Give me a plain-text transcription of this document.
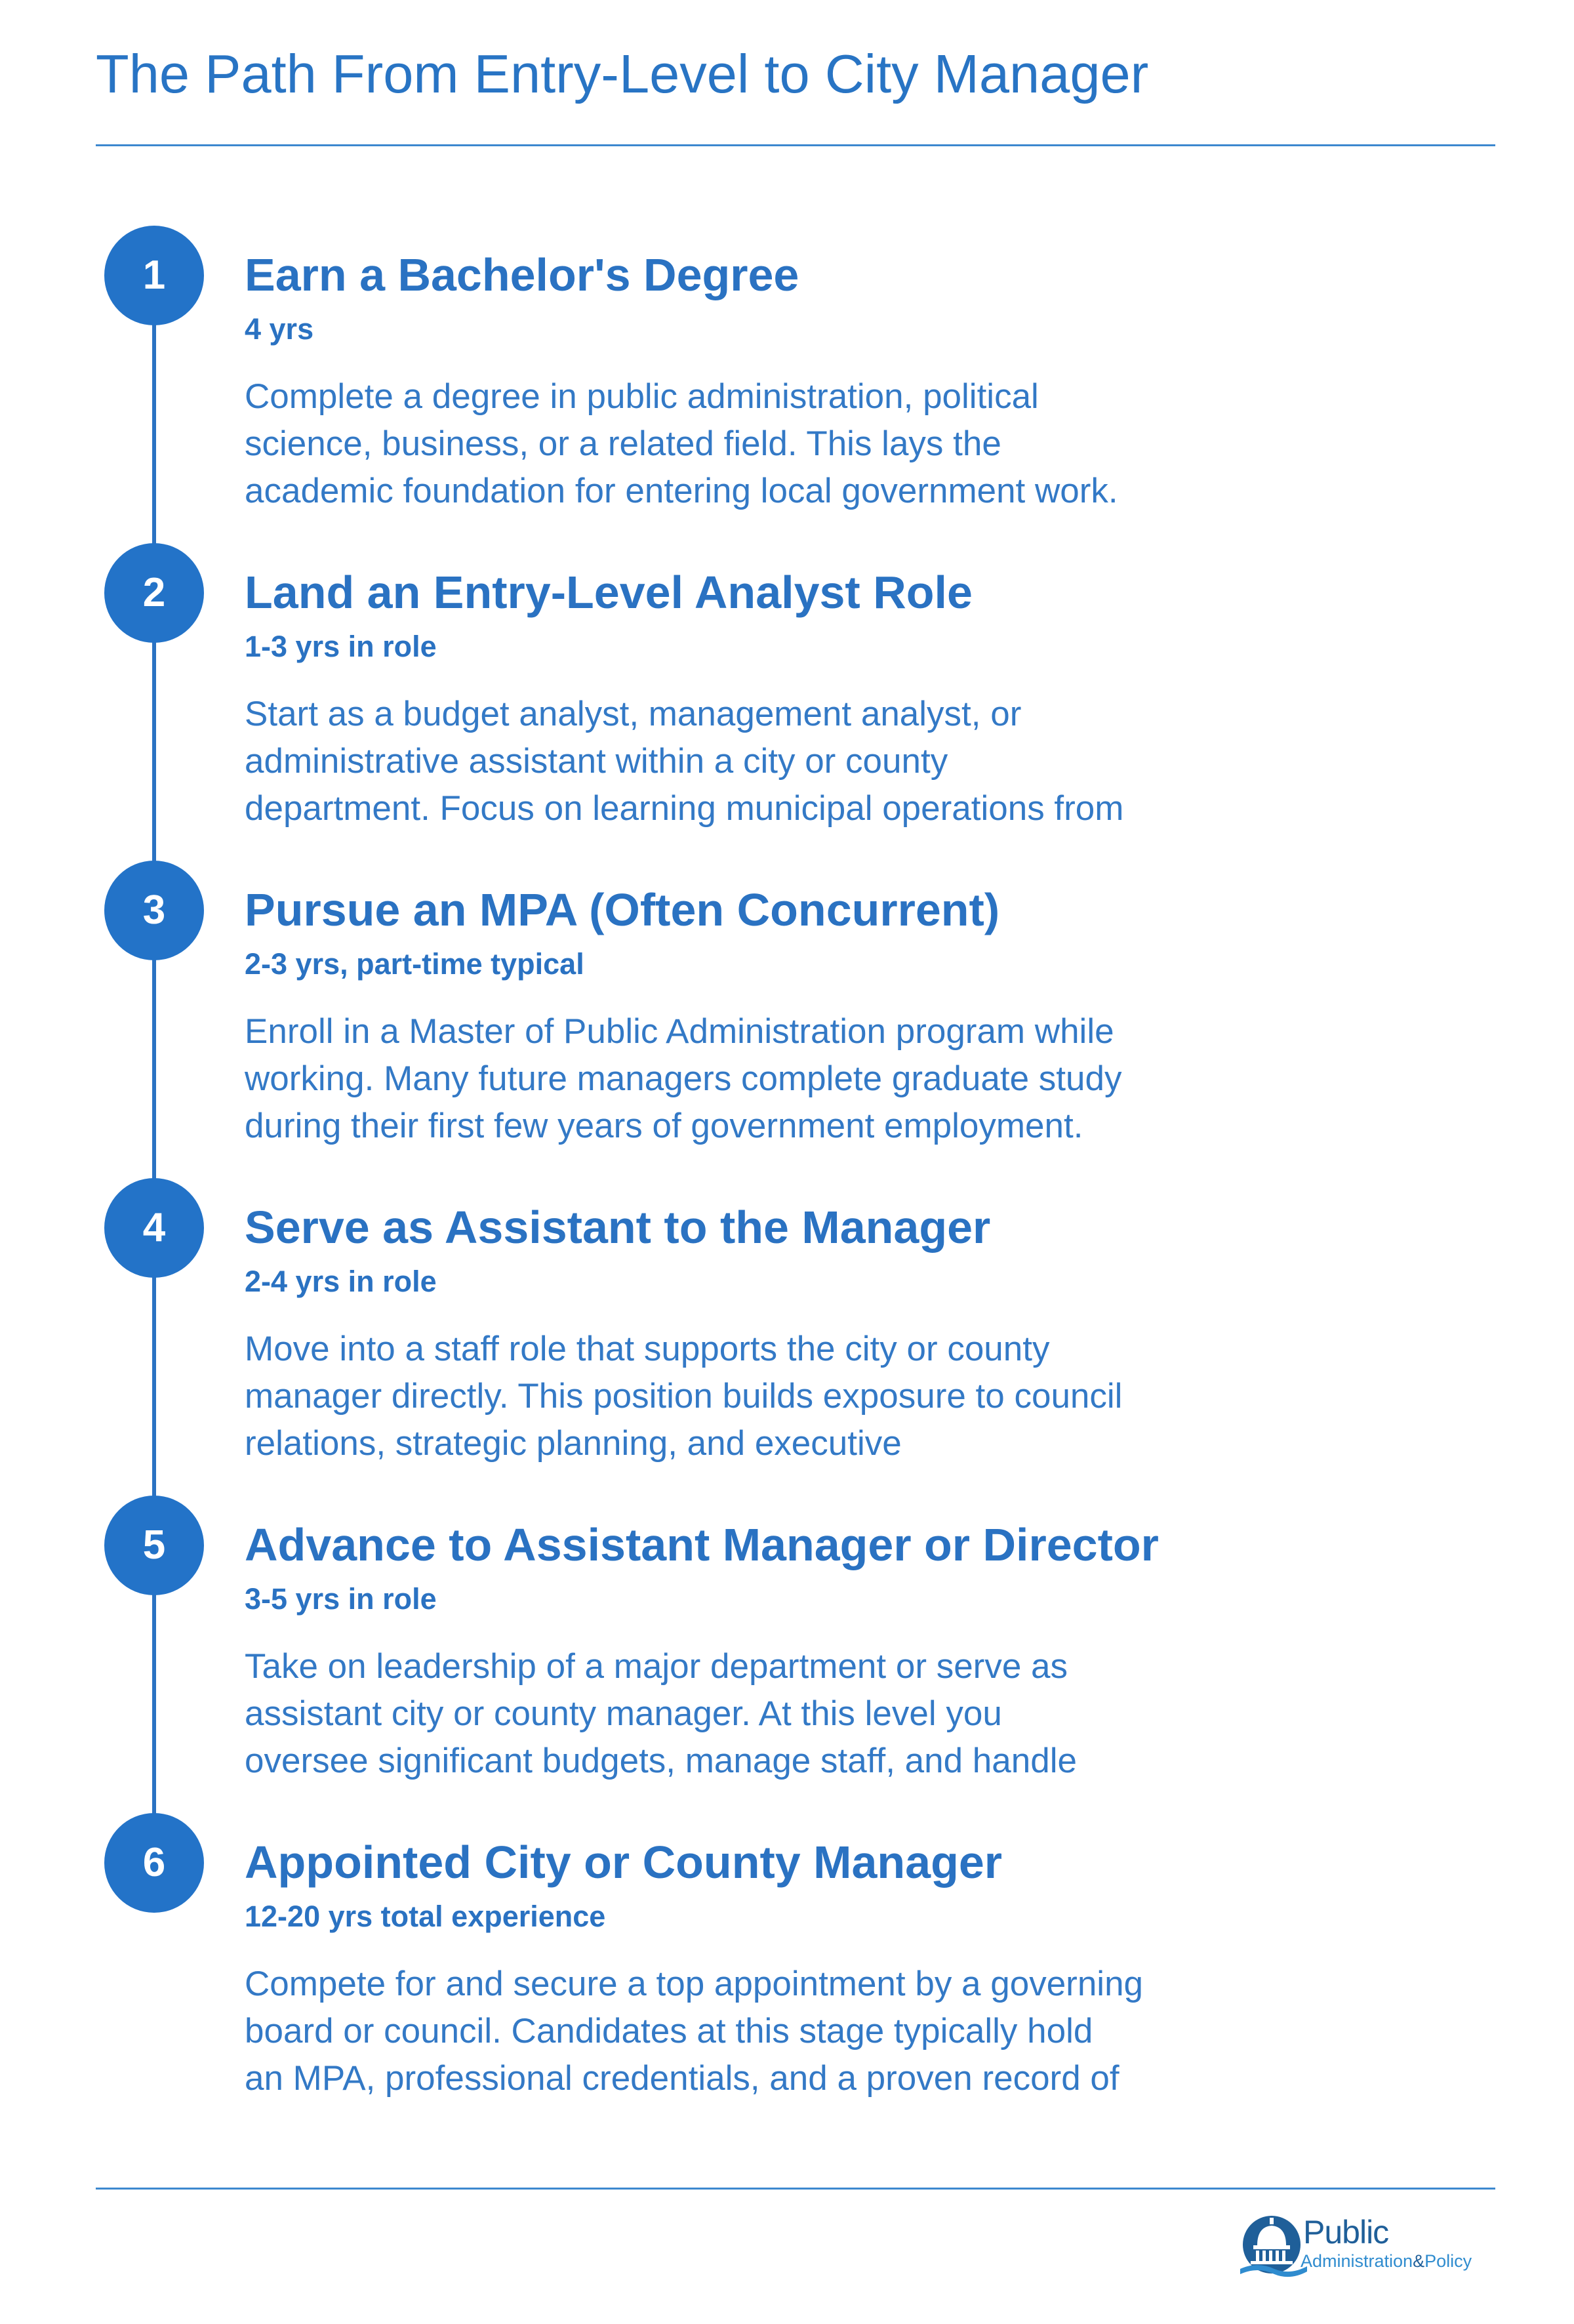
The Path From Entry-Level to City Manager
1	Earn a Bachelor's Degree
4 yrs
Complete a degree in public administration, political
science, business, or a related field. This lays the
academic foundation for entering local government work.
2	Land an Entry-Level Analyst Role
1-3 yrs in role
Start as a budget analyst, management analyst, or
administrative assistant within a city or county
department. Focus on learning municipal operations from
3	Pursue an MPA (Often Concurrent)
2-3 yrs, part-time typical
Enroll in a Master of Public Administration program while
working. Many future managers complete graduate study
during their first few years of government employment.
4	Serve as Assistant to the Manager
2-4 yrs in role
Move into a staff role that supports the city or county
manager directly. This position builds exposure to council
relations, strategic planning, and executive
5	Advance to Assistant Manager or Director
3-5 yrs in role
Take on leadership of a major department or serve as
assistant city or county manager. At this level you
oversee significant budgets, manage staff, and handle
6	Appointed City or County Manager
12-20 yrs total experience
Compete for and secure a top appointment by a governing
board or council. Candidates at this stage typically hold
an MPA, professional credentials, and a proven record of
Public
Administration&Policy
